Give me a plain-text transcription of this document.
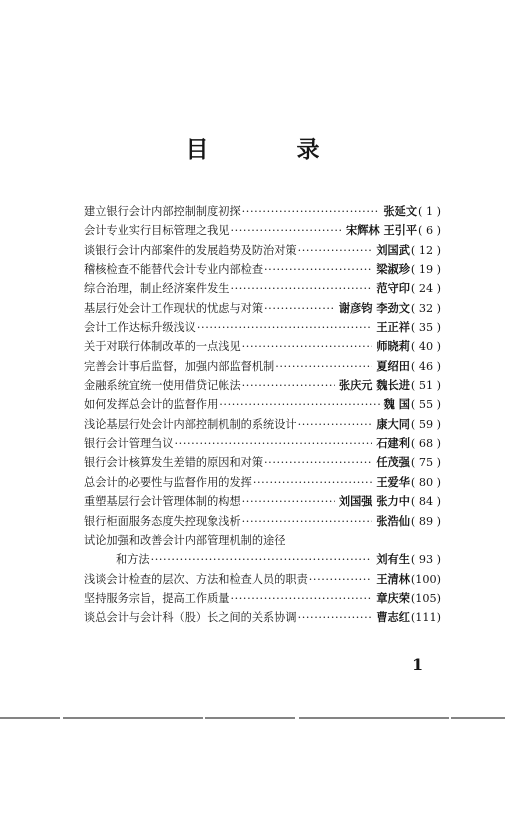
目 录
建立银行会计内部控制制度初探 ·····	张延文 ( 1 )
会计专业实行目标管理之我见 ·····	宋辉林 王引平 ( 6 )
谈银行会计内部案件的发展趋势及防治对策 ·····	刘国武 ( 12 )
稽核检查不能替代会计专业内部检查 ·····	梁淑珍 ( 19 )
综合治理，制止经济案件发生 ·····	范守印 ( 24 )
基层行处会计工作现状的忧虑与对策 ·····	谢彦钧 李劲文 ( 32 )
会计工作达标升级浅议 ·····	王正祥 ( 35 )
关于对联行体制改革的一点浅见 ·····	师晓莉 ( 40 )
完善会计事后监督，加强内部监督机制 ·····	夏绍田 ( 46 )
金融系统宜统一使用借贷记帐法 ·····	张庆元 魏长进 ( 51 )
如何发挥总会计的监督作用 ·····	魏 国 ( 55 )
浅论基层行处会计内部控制机制的系统设计 ·····	康大同 ( 59 )
银行会计管理刍议 ·····	石建利 ( 68 )
银行会计核算发生差错的原因和对策 ·····	任茂强 ( 75 )
总会计的必要性与监督作用的发挥 ·····	王爱华 ( 80 )
重塑基层行会计管理体制的构想 ·····	刘国强 张力中 ( 84 )
银行柜面服务态度失控现象浅析 ·····	张浩仙 ( 89 )
试论加强和改善会计内部管理机制的途径
和方法 ·····	刘有生 ( 93 )
浅谈会计检查的层次、方法和检查人员的职责 ·····	王清林 (100)
坚持服务宗旨，提高工作质量 ·····	章庆荣 (105)
谈总会计与会计科（股）长之间的关系协调 ·····	曹志红 (111)
1
